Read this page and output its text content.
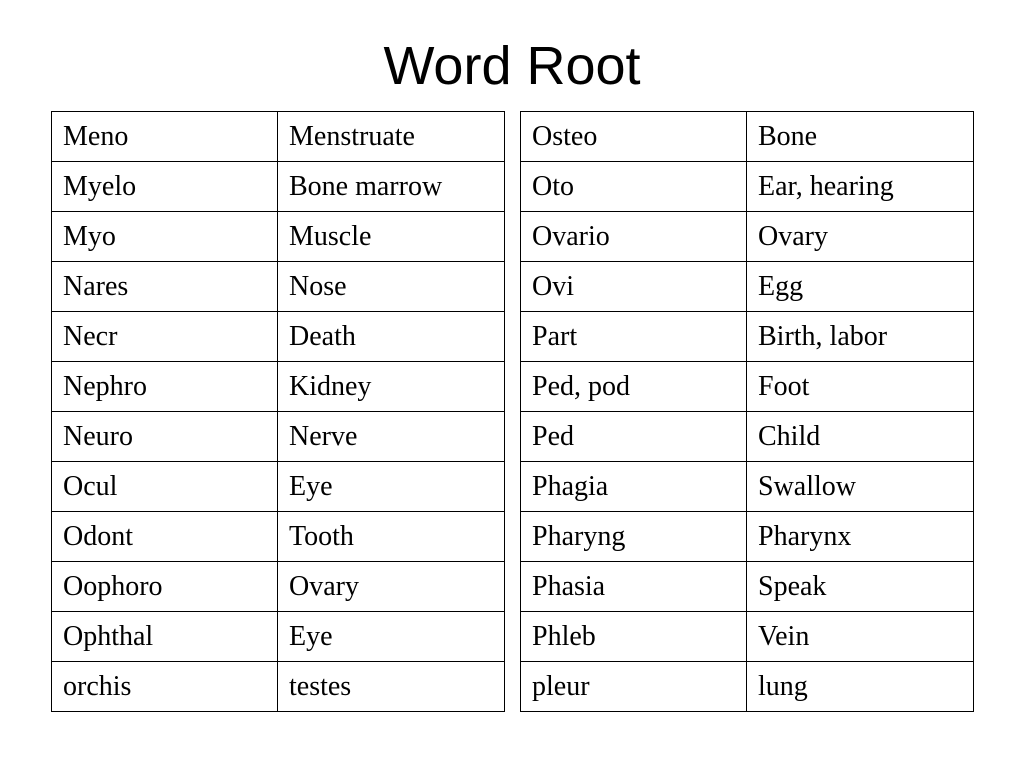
Word Root
Meno	Menstruate
Myelo	Bone marrow
Myo	Muscle
Nares	Nose
Necr	Death
Nephro	Kidney
Neuro	Nerve
Ocul	Eye
Odont	Tooth
Oophoro	Ovary
Ophthal	Eye
orchis	testes
Osteo	Bone
Oto	Ear, hearing
Ovario	Ovary
Ovi	Egg
Part	Birth, labor
Ped, pod	Foot
Ped	Child
Phagia	Swallow
Pharyng	Pharynx
Phasia	Speak
Phleb	Vein
pleur	lung
